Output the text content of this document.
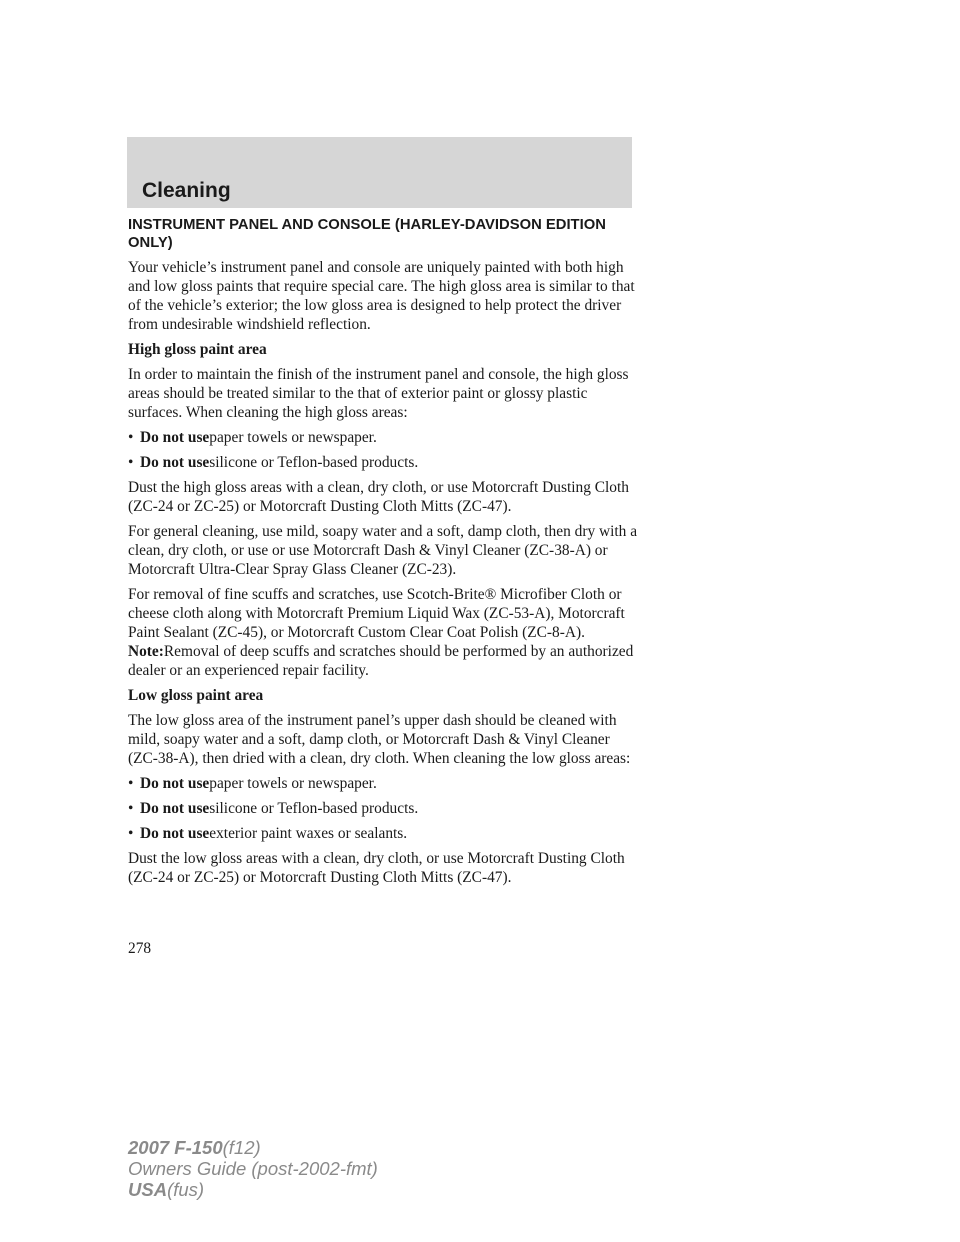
Cleaning
INSTRUMENT PANEL AND CONSOLE (HARLEY-DAVIDSON EDITION ONLY)

Your vehicle’s instrument panel and console are uniquely painted with both high and low gloss paints that require special care. The high gloss area is similar to that of the vehicle’s exterior; the low gloss area is designed to help protect the driver from undesirable windshield reflection.

High gloss paint area

In order to maintain the finish of the instrument panel and console, the high gloss areas should be treated similar to the that of exterior paint or glossy plastic surfaces. When cleaning the high gloss areas:

• Do not usepaper towels or newspaper.

• Do not usesilicone or Teflon-based products.

Dust the high gloss areas with a clean, dry cloth, or use Motorcraft Dusting Cloth (ZC-24 or ZC-25) or Motorcraft Dusting Cloth Mitts (ZC-47).

For general cleaning, use mild, soapy water and a soft, damp cloth, then dry with a clean, dry cloth, or use or use Motorcraft Dash & Vinyl Cleaner (ZC-38-A) or Motorcraft Ultra-Clear Spray Glass Cleaner (ZC-23).

For removal of fine scuffs and scratches, use Scotch-Brite® Microfiber Cloth or cheese cloth along with Motorcraft Premium Liquid Wax (ZC-53-A), Motorcraft Paint Sealant (ZC-45), or Motorcraft Custom Clear Coat Polish (ZC-8-A). Note:Removal of deep scuffs and scratches should be performed by an authorized dealer or an experienced repair facility.

Low gloss paint area

The low gloss area of the instrument panel’s upper dash should be cleaned with mild, soapy water and a soft, damp cloth, or Motorcraft Dash & Vinyl Cleaner (ZC-38-A), then dried with a clean, dry cloth. When cleaning the low gloss areas:

• Do not usepaper towels or newspaper.

• Do not usesilicone or Teflon-based products.

• Do not useexterior paint waxes or sealants.

Dust the low gloss areas with a clean, dry cloth, or use Motorcraft Dusting Cloth (ZC-24 or ZC-25) or Motorcraft Dusting Cloth Mitts (ZC-47).

278
2007 F-150(f12)
Owners Guide (post-2002-fmt)
USA(fus)
